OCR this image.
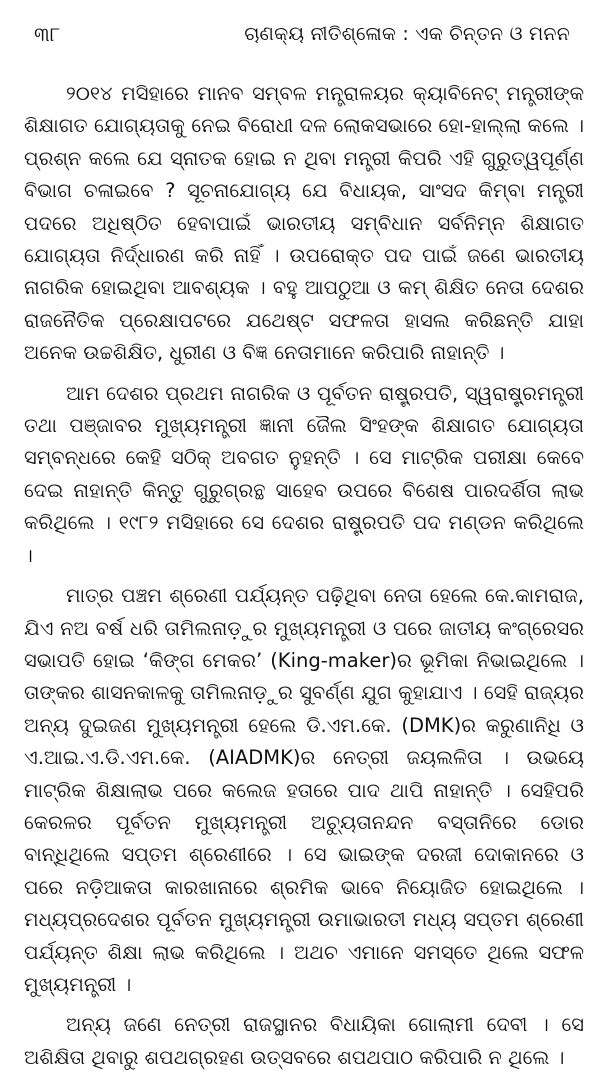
୩୮	ଚାଣକ୍ୟ ନୀତିଶ୍ଳୋକ : ଏକ ଚିନ୍ତନ ଓ ମନନ

୨୦୧୪ ମସିହାରେ ମାନବ ସମ୍ବଳ ମନ୍ତ୍ରାଳୟର କ୍ୟାବିନେଟ୍ ମନ୍ତ୍ରୀଙ୍କ ଶିକ୍ଷାଗତ ଯୋଗ୍ୟତାକୁ ନେଇ ବିରୋଧୀ ଦଳ ଲୋକସଭାରେ ହୋ-ହାଲ୍ଲା କଲେ । ପ୍ରଶ୍ନ କଲେ ଯେ ସ୍ନାତକ ହୋଇ ନ ଥିବା ମନ୍ତ୍ରୀ କିପରି ଏହି ଗୁରୁତ୍ୱପୂର୍ଣ୍ଣ ବିଭାଗ ଚଳାଇବେ ? ସୂଚନାଯୋଗ୍ୟ ଯେ ବିଧାୟକ, ସାଂସଦ କିମ୍ବା ମନ୍ତ୍ରୀ ପଦରେ ଅଧିଷ୍ଠିତ ହେବାପାଇଁ ଭାରତୀୟ ସମ୍ବିଧାନ ସର୍ବନିମ୍ନ ଶିକ୍ଷାଗତ ଯୋଗ୍ୟତା ନିର୍ଦ୍ଧାରଣ କରି ନାହିଁ । ଉପରୋକ୍ତ ପଦ ପାଇଁ ଜଣେ ଭାରତୀୟ ନାଗରିକ ହୋଇଥିବା ଆବଶ୍ୟକ । ବହୁ ଆପଠୁଆ ଓ କମ୍ ଶିକ୍ଷିତ ନେତା ଦେଶର ରାଜନୈତିକ ପ୍ରେକ୍ଷାପଟରେ ଯଥେଷ୍ଟ ସଫଳତା ହାସଲ କରିଛନ୍ତି ଯାହା ଅନେକ ଉଚ୍ଚଶିକ୍ଷିତ, ଧୁରୀଣ ଓ ବିଜ୍ଞ ନେତାମାନେ କରିପାରି ନାହାନ୍ତି ।

ଆମ ଦେଶର ପ୍ରଥମ ନାଗରିକ ଓ ପୂର୍ବତନ ରାଷ୍ଟ୍ରପତି, ସ୍ୱରାଷ୍ଟ୍ରମନ୍ତ୍ରୀ ତଥା ପଞ୍ଜାବର ମୁଖ୍ୟମନ୍ତ୍ରୀ ଜ୍ଞାନୀ ଜୈଲ ସିଂହଙ୍କ ଶିକ୍ଷାଗତ ଯୋଗ୍ୟତା ସମ୍ବନ୍ଧରେ କେହି ସଠିକ୍ ଅବଗତ ନୁହନ୍ତି । ସେ ମାଟ୍ରିକ ପରୀକ୍ଷା କେବେ ଦେଇ ନାହାନ୍ତି କିନ୍ତୁ ଗୁରୁଗ୍ରନ୍ଥ ସାହେବ ଉପରେ ବିଶେଷ ପାରଦର୍ଶିତା ଲାଭ କରିଥିଲେ । ୧୯୮୨ ମସିହାରେ ସେ ଦେଶର ରାଷ୍ଟ୍ରପତି ପଦ ମଣ୍ଡନ କରିଥିଲେ ।

ମାତ୍ର ପଞ୍ଚମ ଶ୍ରେଣୀ ପର୍ଯ୍ୟନ୍ତ ପଢ଼ିଥିବା ନେତା ହେଲେ କେ.କାମରାଜ, ଯିଏ ନଅ ବର୍ଷ ଧରି ତାମିଲନାଡ଼ୁର ମୁଖ୍ୟମନ୍ତ୍ରୀ ଓ ପରେ ଜାତୀୟ କଂଗ୍ରେସର ସଭାପତି ହୋଇ ‘କିଙ୍ଗ ମେକର’ (King-maker)ର ଭୂମିକା ନିଭାଇଥିଲେ । ତାଙ୍କର ଶାସନକାଳକୁ ତାମିଲନାଡ଼ୁର ସୁବର୍ଣ୍ଣ ଯୁଗ କୁହାଯାଏ । ସେହି ରାଜ୍ୟର ଅନ୍ୟ ଦୁଇଜଣ ମୁଖ୍ୟମନ୍ତ୍ରୀ ହେଲେ ଡି.ଏମ.କେ. (DMK)ର କରୁଣାନିଧି ଓ ଏ.ଆଇ.ଏ.ଡି.ଏମ.କେ. (AIADMK)ର ନେତ୍ରୀ ଜୟଲଳିତା । ଉଭୟେ ମାଟ୍ରିକ ଶିକ୍ଷାଲାଭ ପରେ କଲେଜ ହତାରେ ପାଦ ଥାପି ନାହାନ୍ତି । ସେହିପରି କେରଳର ପୂର୍ବତନ ମୁଖ୍ୟମନ୍ତ୍ରୀ ଅଚ୍ୟୁତାନନ୍ଦନ ବସ୍ତାନିରେ ଡୋର ବାନ୍ଧିଥିଲେ ସପ୍ତମ ଶ୍ରେଣୀରେ । ସେ ଭାଇଙ୍କ ଦରଜୀ ଦୋକାନରେ ଓ ପରେ ନଡ଼ିଆକତା କାରଖାନାରେ ଶ୍ରମିକ ଭାବେ ନିୟୋଜିତ ହୋଇଥିଲେ । ମଧ୍ୟପ୍ରଦେଶର ପୂର୍ବତନ ମୁଖ୍ୟମନ୍ତ୍ରୀ ଉମାଭାରତୀ ମଧ୍ୟ ସପ୍ତମ ଶ୍ରେଣୀ ପର୍ଯ୍ୟନ୍ତ ଶିକ୍ଷା ଲାଭ କରିଥିଲେ । ଅଥଚ ଏମାନେ ସମସ୍ତେ ଥିଲେ ସଫଳ ମୁଖ୍ୟମନ୍ତ୍ରୀ ।

ଅନ୍ୟ ଜଣେ ନେତ୍ରୀ ରାଜସ୍ଥାନର ବିଧାୟିକା ଗୋଲାମୀ ଦେବୀ । ସେ ଅଶିକ୍ଷିତା ଥିବାରୁ ଶପଥଗ୍ରହଣ ଉତ୍ସବରେ ଶପଥପାଠ କରିପାରି ନ ଥିଲେ ।
